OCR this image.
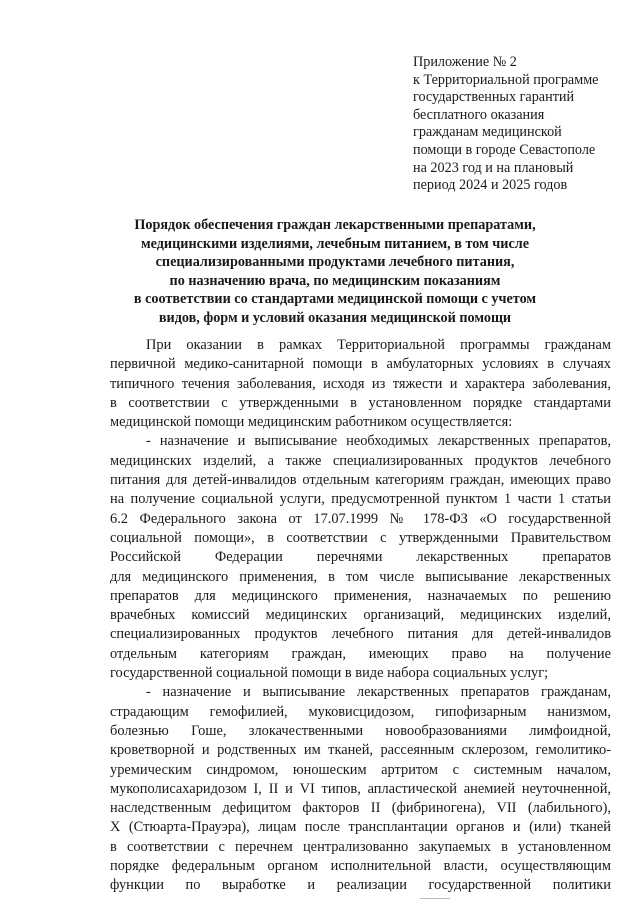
Приложение № 2
к Территориальной программе
государственных гарантий
бесплатного оказания
гражданам медицинской
помощи в городе Севастополе
на 2023 год и на плановый
период 2024 и 2025 годов
Порядок обеспечения граждан лекарственными препаратами,
медицинскими изделиями, лечебным питанием, в том числе
специализированными продуктами лечебного питания,
по назначению врача, по медицинским показаниям
в соответствии со стандартами медицинской помощи с учетом
видов, форм и условий оказания медицинской помощи
При оказании в рамках Территориальной программы гражданам
первичной медико-санитарной помощи в амбулаторных условиях в случаях
типичного течения заболевания, исходя из тяжести и характера заболевания,
в соответствии с утвержденными в установленном порядке стандартами
медицинской помощи медицинским работником осуществляется:
- назначение и выписывание необходимых лекарственных препаратов,
медицинских изделий, а также специализированных продуктов лечебного
питания для детей-инвалидов отдельным категориям граждан, имеющих право
на получение социальной услуги, предусмотренной пунктом 1 части 1 статьи
6.2 Федерального закона от 17.07.1999 № 178-ФЗ «О государственной
социальной помощи», в соответствии с утвержденными Правительством
Российской Федерации перечнями лекарственных препаратов
для медицинского применения, в том числе выписывание лекарственных
препаратов для медицинского применения, назначаемых по решению
врачебных комиссий медицинских организаций, медицинских изделий,
специализированных продуктов лечебного питания для детей-инвалидов
отдельным категориям граждан, имеющих право на получение
государственной социальной помощи в виде набора социальных услуг;
- назначение и выписывание лекарственных препаратов гражданам,
страдающим гемофилией, муковисцидозом, гипофизарным нанизмом,
болезнью Гоше, злокачественными новообразованиями лимфоидной,
кроветворной и родственных им тканей, рассеянным склерозом, гемолитико-
уремическим синдромом, юношеским артритом с системным началом,
мукополисахаридозом I, II и VI типов, апластической анемией неуточненной,
наследственным дефицитом факторов II (фибриногена), VII (лабильного),
X (Стюарта-Прауэра), лицам после трансплантации органов и (или) тканей
в соответствии с перечнем централизованно закупаемых в установленном
порядке федеральным органом исполнительной власти, осуществляющим
функции по выработке и реализации государственной политики
